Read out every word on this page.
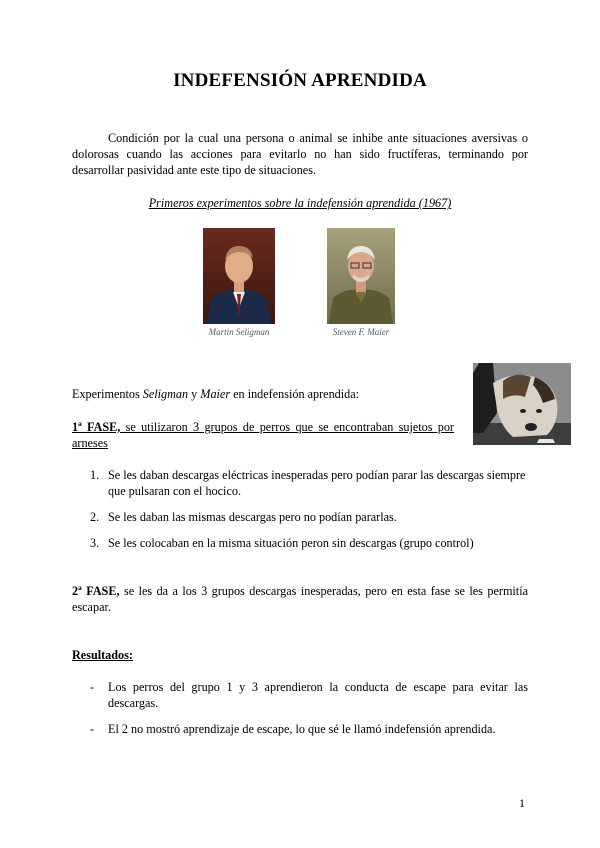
INDEFENSIÓN APRENDIDA
Condición por la cual una persona o animal se inhibe ante situaciones aversivas o dolorosas cuando las acciones para evitarlo no han sido fructíferas, terminando por desarrollar pasividad ante este tipo de situaciones.
Primeros experimentos sobre la indefensión aprendida (1967)
Martin Seligman	Steven F. Maier
Experimentos Seligman y Maier en indefensión aprendida:
1ª FASE, se utilizaron 3 grupos de perros que se encontraban sujetos por arneses
1. Se les daban descargas eléctricas inesperadas pero podían parar las descargas siempre que pulsaran con el hocico.
2. Se les daban las mismas descargas pero no podían pararlas.
3. Se les colocaban en la misma situación peron sin descargas (grupo control)
2ª FASE, se les da a los 3 grupos descargas inesperadas, pero en esta fase se les permitía escapar.
Resultados:
- Los perros del grupo 1 y 3 aprendieron la conducta de escape para evitar las descargas.
- El 2 no mostró aprendizaje de escape, lo que sé le llamó indefensión aprendida.
1
